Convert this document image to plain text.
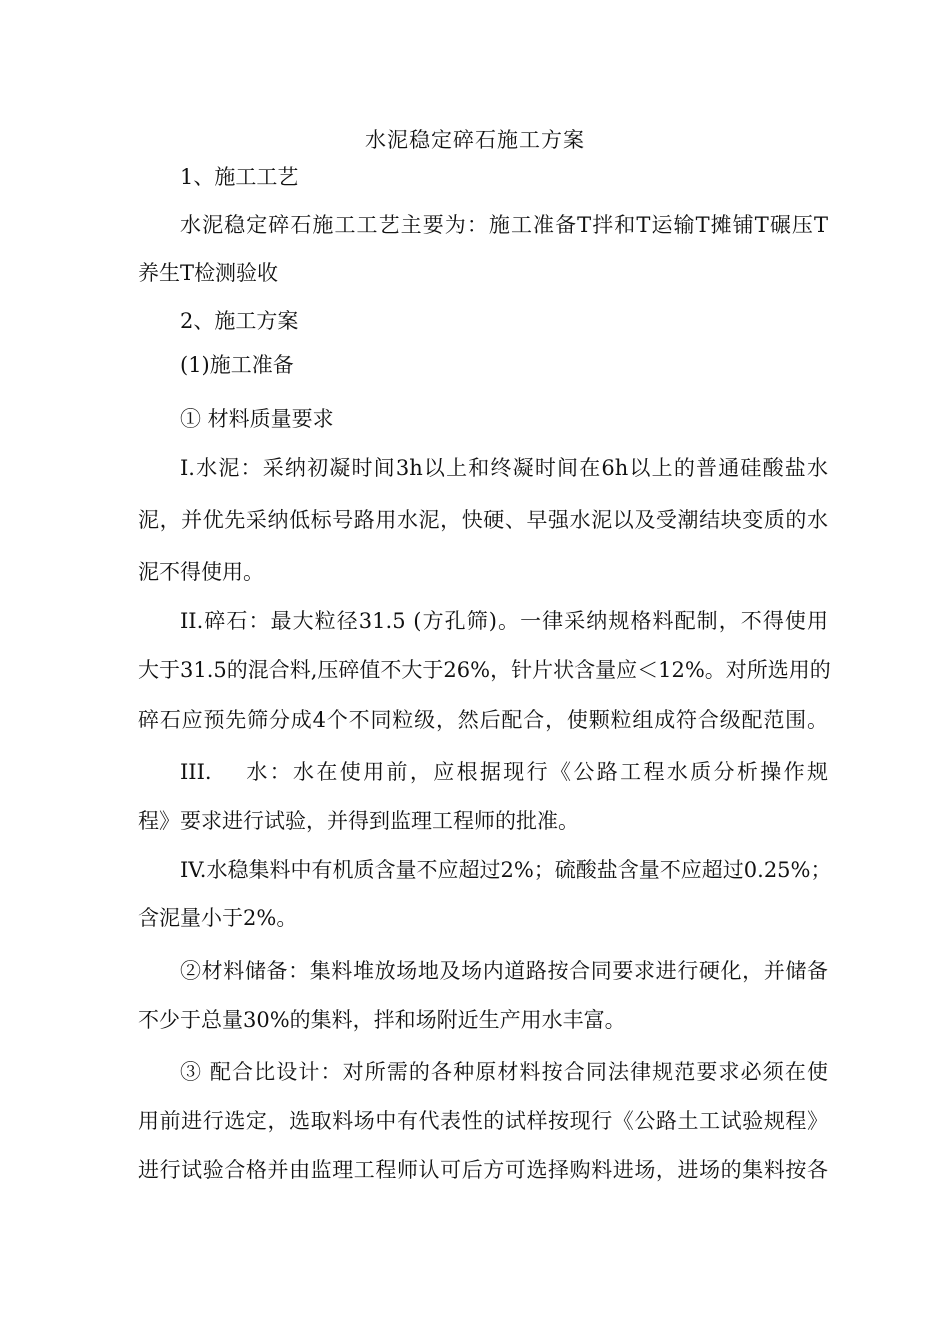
水泥稳定碎石施工方案
1、施工工艺
水泥稳定碎石施工工艺主要为：施工准备T拌和T运输T摊铺T碾压T
养生T检测验收
2、施工方案
(1)施工准备
① 材料质量要求
I.水泥：采纳初凝时间3h以上和终凝时间在6h以上的普通硅酸盐水
泥，并优先采纳低标号路用水泥，快硬、早强水泥以及受潮结块变质的水
泥不得使用。
II.碎石：最大粒径31.5 (方孔筛)。一律采纳规格料配制，不得使用
大于31.5的混合料,压碎值不大于26%，针片状含量应＜12%。对所选用的
碎石应预先筛分成4个不同粒级，然后配合，使颗粒组成符合级配范围。
III.　 水：水在使用前，应根据现行《公路工程水质分析操作规
程》要求进行试验，并得到监理工程师的批准。
IV.水稳集料中有机质含量不应超过2%；硫酸盐含量不应超过0.25%；
含泥量小于2%。
②材料储备：集料堆放场地及场内道路按合同要求进行硬化，并储备
不少于总量30%的集料，拌和场附近生产用水丰富。
③ 配合比设计：对所需的各种原材料按合同法律规范要求必须在使
用前进行选定，选取料场中有代表性的试样按现行《公路土工试验规程》
进行试验合格并由监理工程师认可后方可选择购料进场，进场的集料按各
